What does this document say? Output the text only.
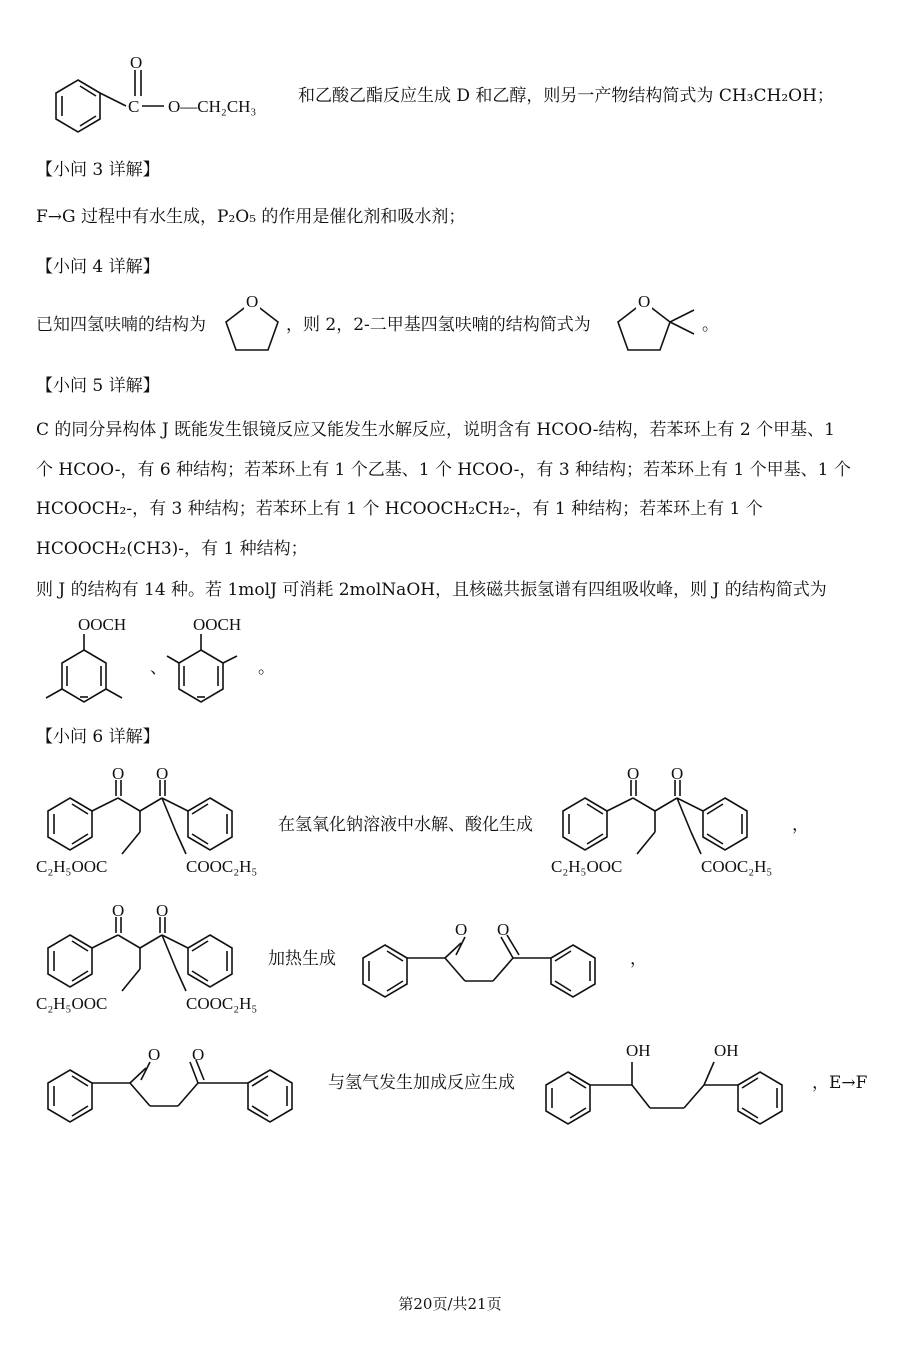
O
C O—CH₂CH₃
和乙酸乙酯反应生成 D 和乙醇，则另一产物结构简式为 CH₃CH₂OH；
【小问 3 详解】
F→G 过程中有水生成，P₂O₅ 的作用是催化剂和吸水剂；
【小问 4 详解】
已知四氢呋喃的结构为
O
，则 2，2-二甲基四氢呋喃的结构简式为
O
。
【小问 5 详解】
C 的同分异构体 J 既能发生银镜反应又能发生水解反应，说明含有 HCOO-结构，若苯环上有 2 个甲基、1
个 HCOO-，有 6 种结构；若苯环上有 1 个乙基、1 个 HCOO-，有 3 种结构；若苯环上有 1 个甲基、1 个
HCOOCH₂-，有 3 种结构；若苯环上有 1 个 HCOOCH₂CH₂-，有 1 种结构；若苯环上有 1 个
HCOOCH₂(CH3)-，有 1 种结构；
则 J 的结构有 14 种。若 1molJ 可消耗 2molNaOH，且核磁共振氢谱有四组吸收峰，则 J 的结构简式为
OOCH
、
OOCH
。
【小问 6 详解】
O O
C₂H₅OOC	COOC₂H₅
在氢氧化钠溶液中水解、酸化生成
O O
C₂H₅OOC	COOC₂H₅
，
O O
C₂H₅OOC	COOC₂H₅
加热生成
O O
，
O O
与氢气发生加成反应生成
OH	OH
，E→F
第20页/共21页
